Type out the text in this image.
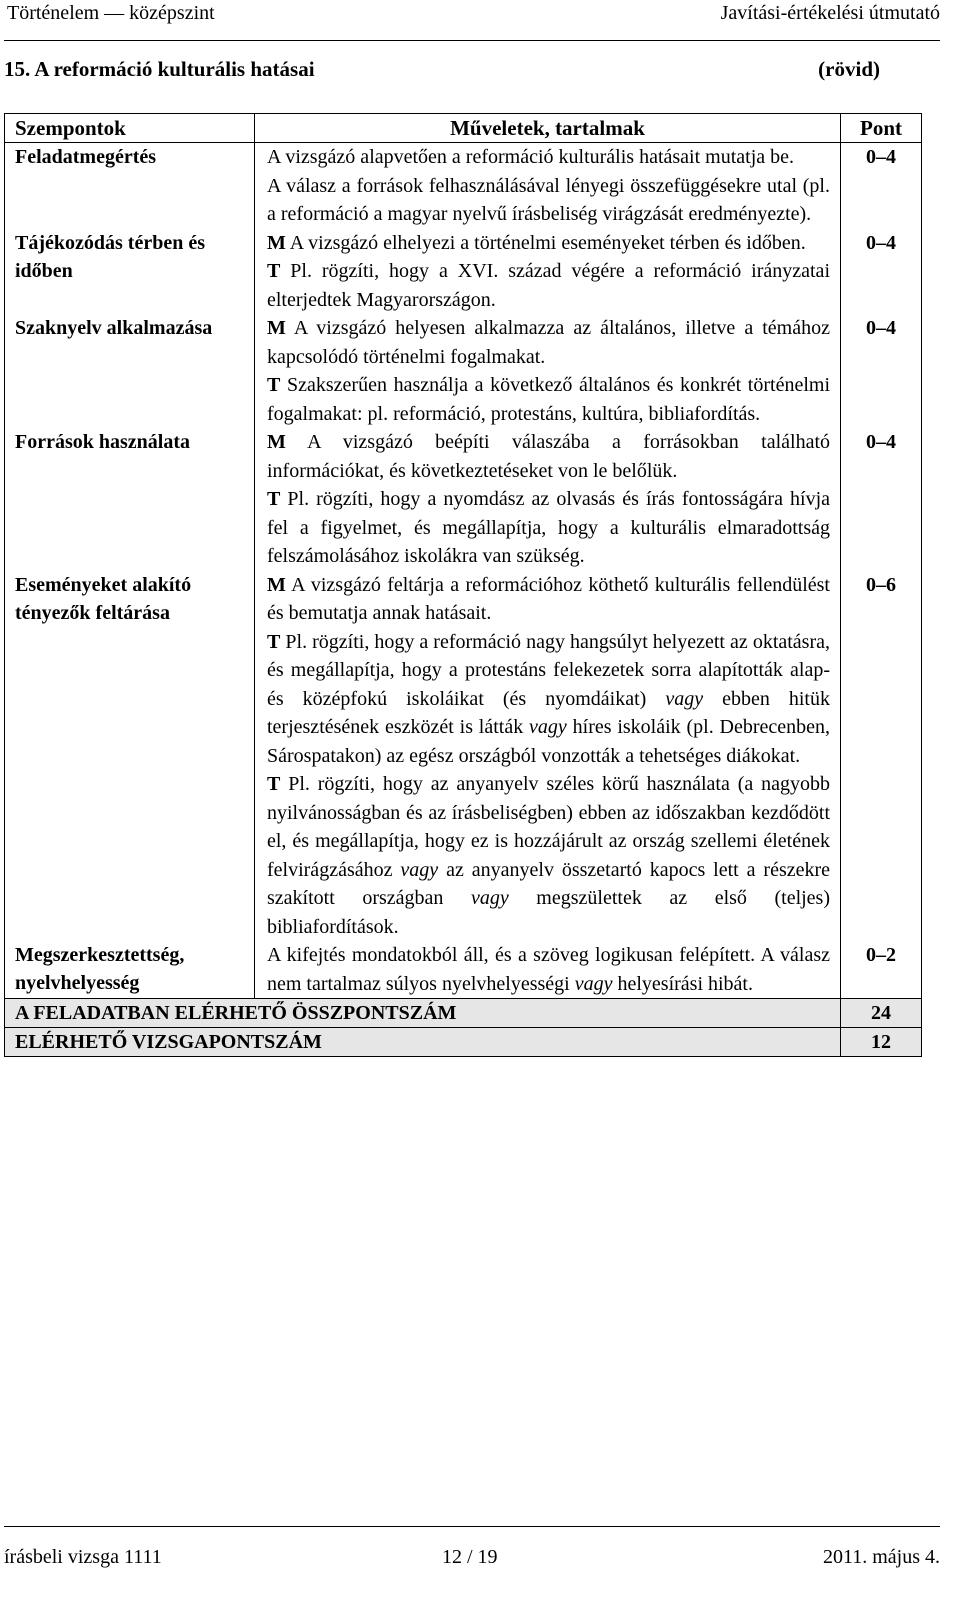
Történelem — középszint	Javítási-értékelési útmutató
15. A reformáció kulturális hatásai	(rövid)
Szempontok	Műveletek, tartalmak	Pont
Feladatmegértés	A vizsgázó alapvetően a reformáció kulturális hatásait mutatja be.

A válasz a források felhasználásával lényegi összefüggésekre utal (pl. a reformáció a magyar nyelvű írásbeliség virágzását eredményezte).	0–4
Tájékozódás térben és időben	M A vizsgázó elhelyezi a történelmi eseményeket térben és időben.

T Pl. rögzíti, hogy a XVI. század végére a reformáció irányzatai elterjedtek Magyarországon.	0–4
Szaknyelv alkalmazása	M A vizsgázó helyesen alkalmazza az általános, illetve a témához kapcsolódó történelmi fogalmakat.

T Szakszerűen használja a következő általános és konkrét történelmi fogalmakat: pl. reformáció, protestáns, kultúra, bibliafordítás.	0–4
Források használata	M A vizsgázó beépíti válaszába a forrásokban található információkat, és következtetéseket von le belőlük.

T Pl. rögzíti, hogy a nyomdász az olvasás és írás fontosságára hívja fel a figyelmet, és megállapítja, hogy a kulturális elmaradottság felszámolásához iskolákra van szükség.	0–4
Eseményeket alakító tényezők feltárása	M A vizsgázó feltárja a reformációhoz köthető kulturális fellendülést és bemutatja annak hatásait.

T Pl. rögzíti, hogy a reformáció nagy hangsúlyt helyezett az oktatásra, és megállapítja, hogy a protestáns felekezetek sorra alapították alap- és középfokú iskoláikat (és nyomdáikat) vagy ebben hitük terjesztésének eszközét is látták vagy híres iskoláik (pl. Debrecenben, Sárospatakon) az egész országból vonzották a tehetséges diákokat.

T Pl. rögzíti, hogy az anyanyelv széles körű használata (a nagyobb nyilvánosságban és az írásbeliségben) ebben az időszakban kezdődött el, és megállapítja, hogy ez is hozzájárult az ország szellemi életének felvirágzásához vagy az anyanyelv összetartó kapocs lett a részekre szakított országban vagy megszülettek az első (teljes) bibliafordítások.	0–6
Megszerkesztettség, nyelvhelyesség	A kifejtés mondatokból áll, és a szöveg logikusan felépített. A válasz nem tartalmaz súlyos nyelvhelyességi vagy helyesírási hibát.	0–2
A FELADATBAN ELÉRHETŐ ÖSSZPONTSZÁM		24
ELÉRHETŐ VIZSGAPONTSZÁM		12
írásbeli vizsga 1111	12 / 19	2011. május 4.
